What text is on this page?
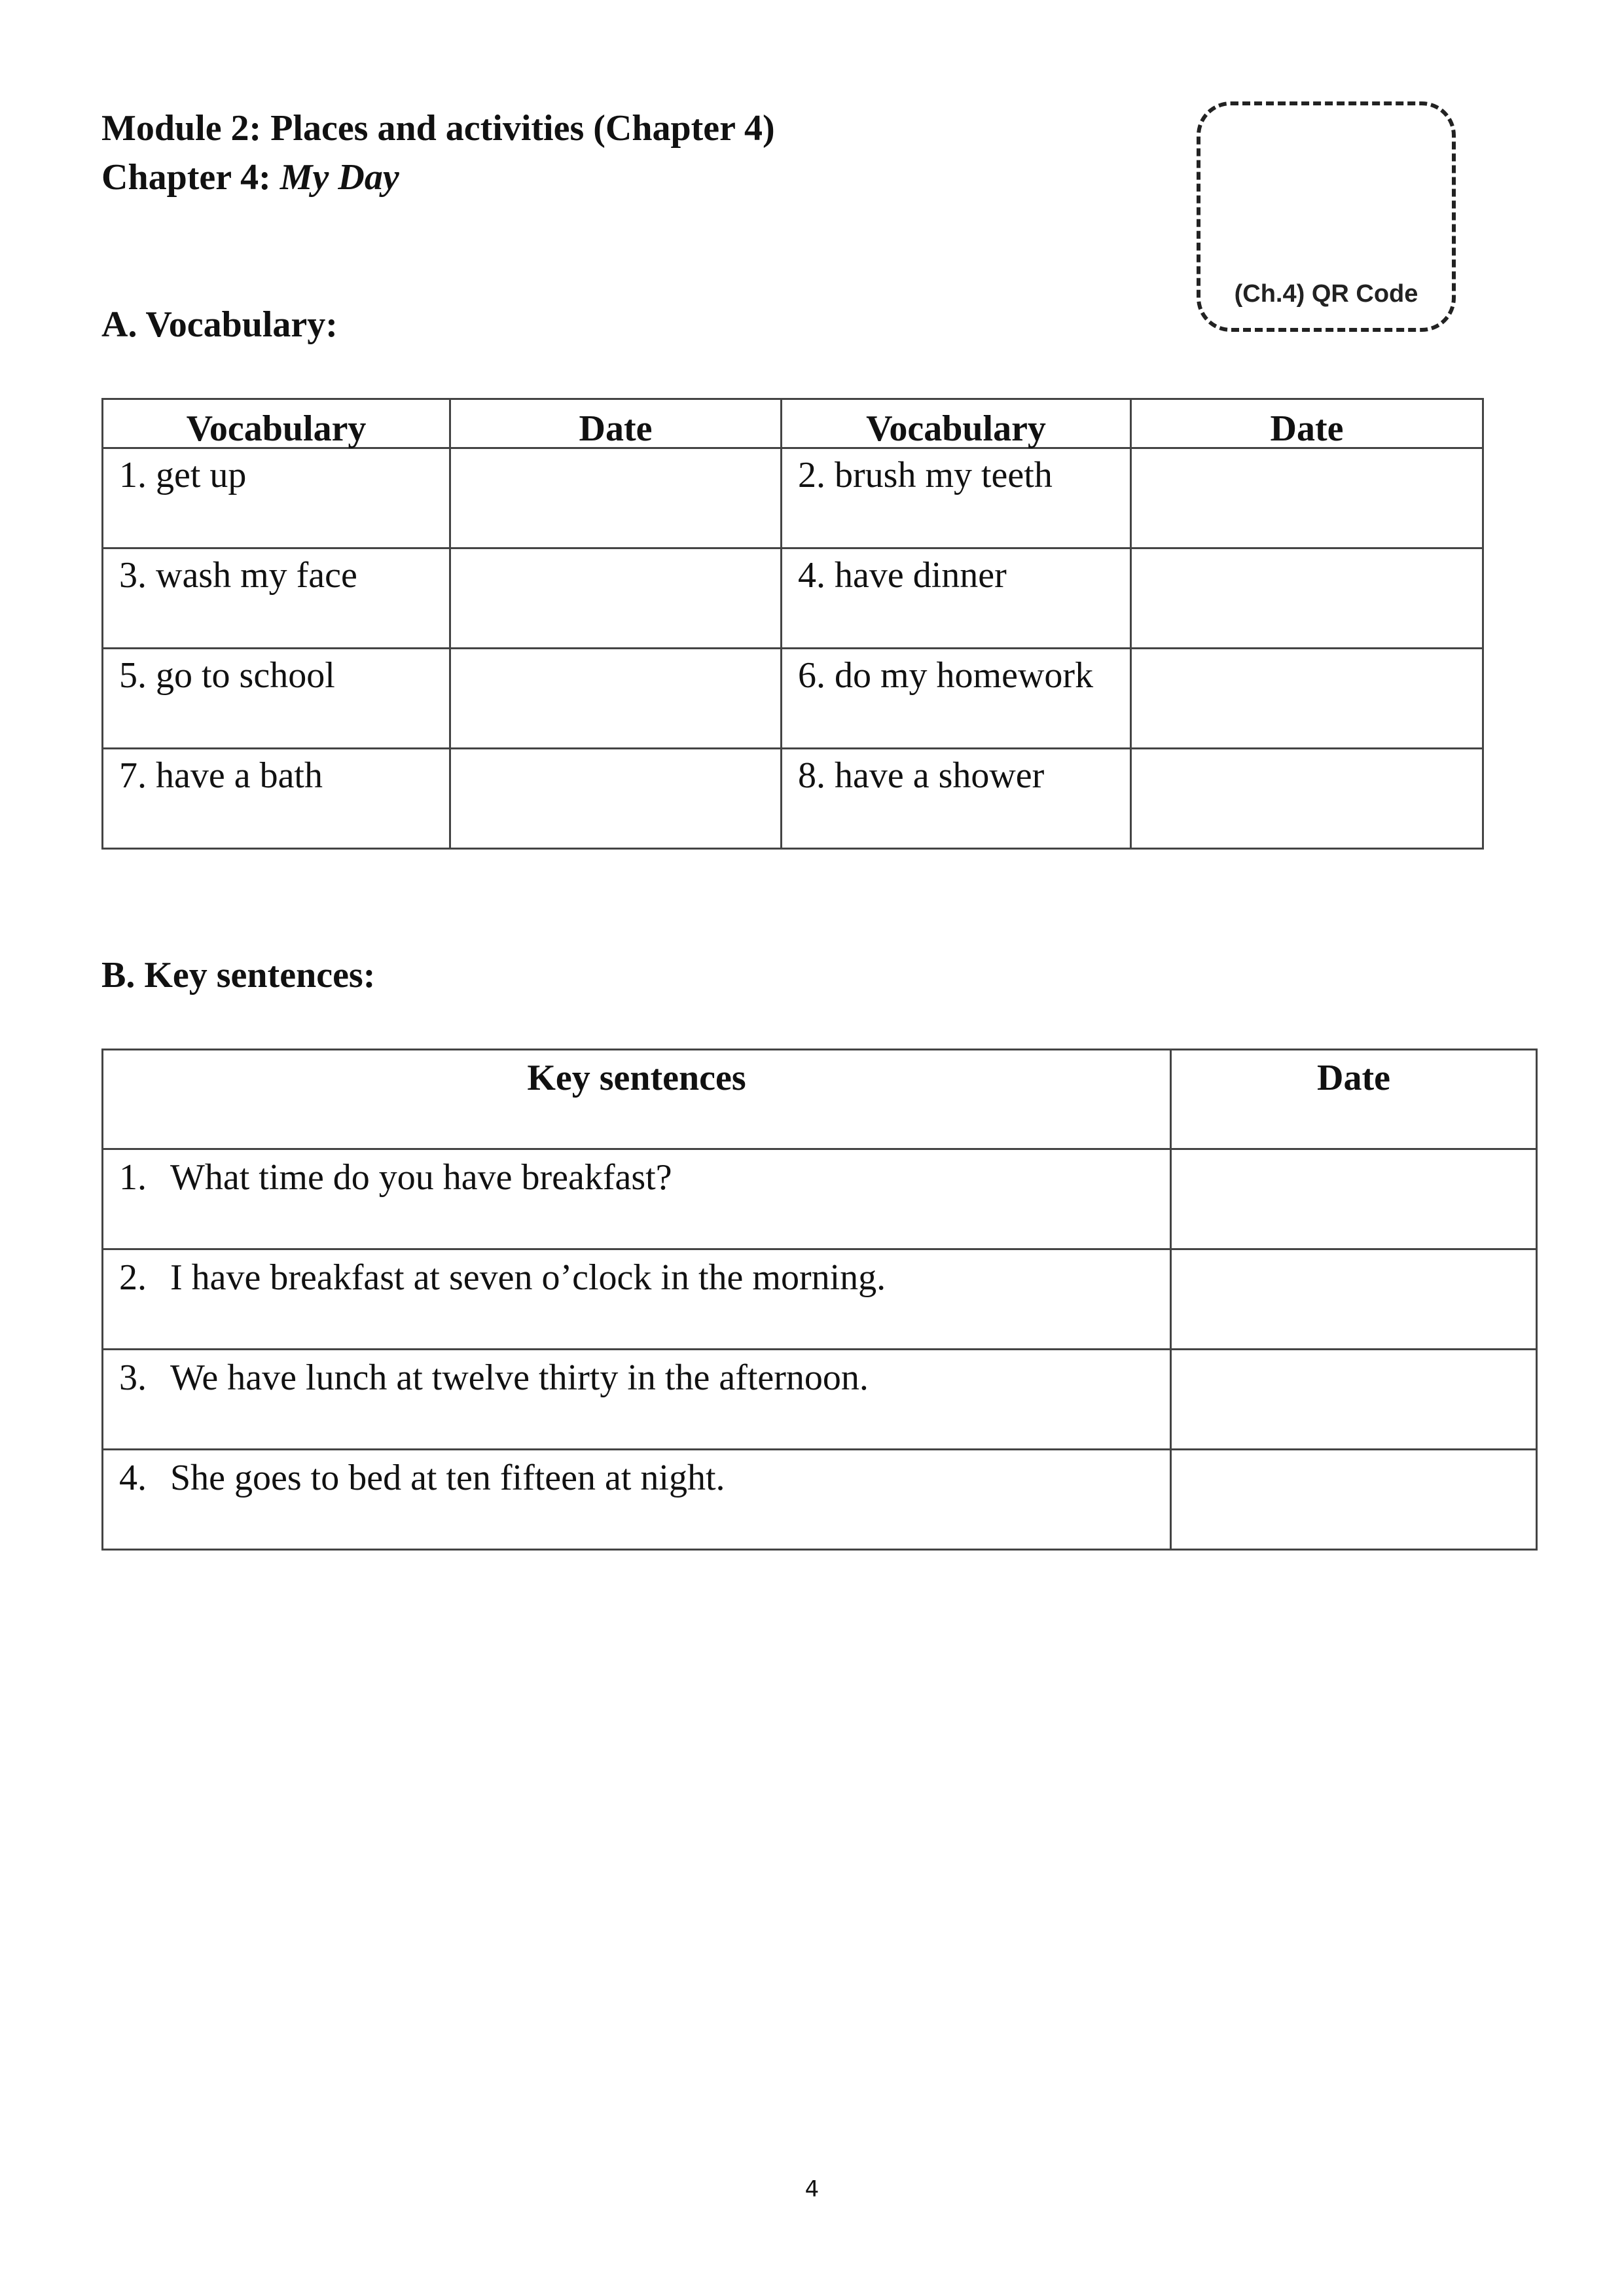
Module 2: Places and activities (Chapter 4)
Chapter 4: My Day
(Ch.4) QR Code
A. Vocabulary:
Vocabulary	Date	Vocabulary	Date
1. get up		2. brush my teeth	
3. wash my face		4. have dinner	
5. go to school		6. do my homework	
7. have a bath		8. have a shower	
B. Key sentences:
Key sentences	Date
1. What time do you have breakfast?	
2. I have breakfast at seven o’clock in the morning.	
3. We have lunch at twelve thirty in the afternoon.	
4. She goes to bed at ten fifteen at night.	
4
